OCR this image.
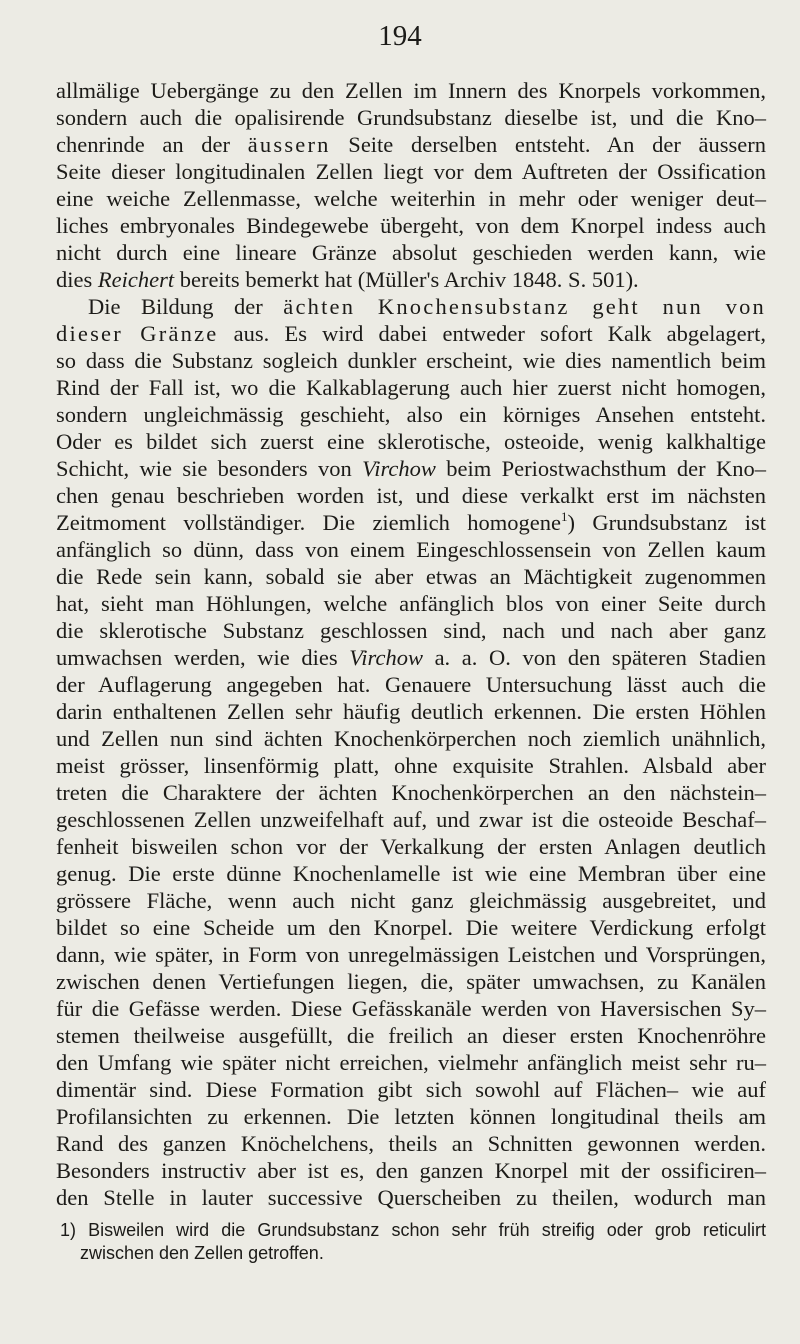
194
allmälige Uebergänge zu den Zellen im Innern des Knorpels vorkommen,
sondern auch die opalisirende Grundsubstanz dieselbe ist, und die Kno–
chenrinde an der äussern Seite derselben entsteht. An der äussern
Seite dieser longitudinalen Zellen liegt vor dem Auftreten der Ossification
eine weiche Zellenmasse, welche weiterhin in mehr oder weniger deut–
liches embryonales Bindegewebe übergeht, von dem Knorpel indess auch
nicht durch eine lineare Gränze absolut geschieden werden kann, wie
dies Reichert bereits bemerkt hat (Müller's Archiv 1848. S. 501).
Die Bildung der ächten Knochensubstanz geht nun von
dieser Gränze aus. Es wird dabei entweder sofort Kalk abgelagert,
so dass die Substanz sogleich dunkler erscheint, wie dies namentlich beim
Rind der Fall ist, wo die Kalkablagerung auch hier zuerst nicht homogen,
sondern ungleichmässig geschieht, also ein körniges Ansehen entsteht.
Oder es bildet sich zuerst eine sklerotische, osteoide, wenig kalkhaltige
Schicht, wie sie besonders von Virchow beim Periostwachsthum der Kno–
chen genau beschrieben worden ist, und diese verkalkt erst im nächsten
Zeitmoment vollständiger. Die ziemlich homogene$^1$) Grundsubstanz ist
anfänglich so dünn, dass von einem Eingeschlossensein von Zellen kaum
die Rede sein kann, sobald sie aber etwas an Mächtigkeit zugenommen
hat, sieht man Höhlungen, welche anfänglich blos von einer Seite durch
die sklerotische Substanz geschlossen sind, nach und nach aber ganz
umwachsen werden, wie dies Virchow a. a. O. von den späteren Stadien
der Auflagerung angegeben hat. Genauere Untersuchung lässt auch die
darin enthaltenen Zellen sehr häufig deutlich erkennen. Die ersten Höhlen
und Zellen nun sind ächten Knochenkörperchen noch ziemlich unähnlich,
meist grösser, linsenförmig platt, ohne exquisite Strahlen. Alsbald aber
treten die Charaktere der ächten Knochenkörperchen an den nächstein–
geschlossenen Zellen unzweifelhaft auf, und zwar ist die osteoide Beschaf–
fenheit bisweilen schon vor der Verkalkung der ersten Anlagen deutlich
genug. Die erste dünne Knochenlamelle ist wie eine Membran über eine
grössere Fläche, wenn auch nicht ganz gleichmässig ausgebreitet, und
bildet so eine Scheide um den Knorpel. Die weitere Verdickung erfolgt
dann, wie später, in Form von unregelmässigen Leistchen und Vorsprüngen,
zwischen denen Vertiefungen liegen, die, später umwachsen, zu Kanälen
für die Gefässe werden. Diese Gefässkanäle werden von Haversischen Sy–
stemen theilweise ausgefüllt, die freilich an dieser ersten Knochenröhre
den Umfang wie später nicht erreichen, vielmehr anfänglich meist sehr ru–
dimentär sind. Diese Formation gibt sich sowohl auf Flächen– wie auf
Profilansichten zu erkennen. Die letzten können longitudinal theils am
Rand des ganzen Knöchelchens, theils an Schnitten gewonnen werden.
Besonders instructiv aber ist es, den ganzen Knorpel mit der ossificiren–
den Stelle in lauter successive Querscheiben zu theilen, wodurch man
1) Bisweilen wird die Grundsubstanz schon sehr früh streifig oder grob reticulirt
zwischen den Zellen getroffen.
